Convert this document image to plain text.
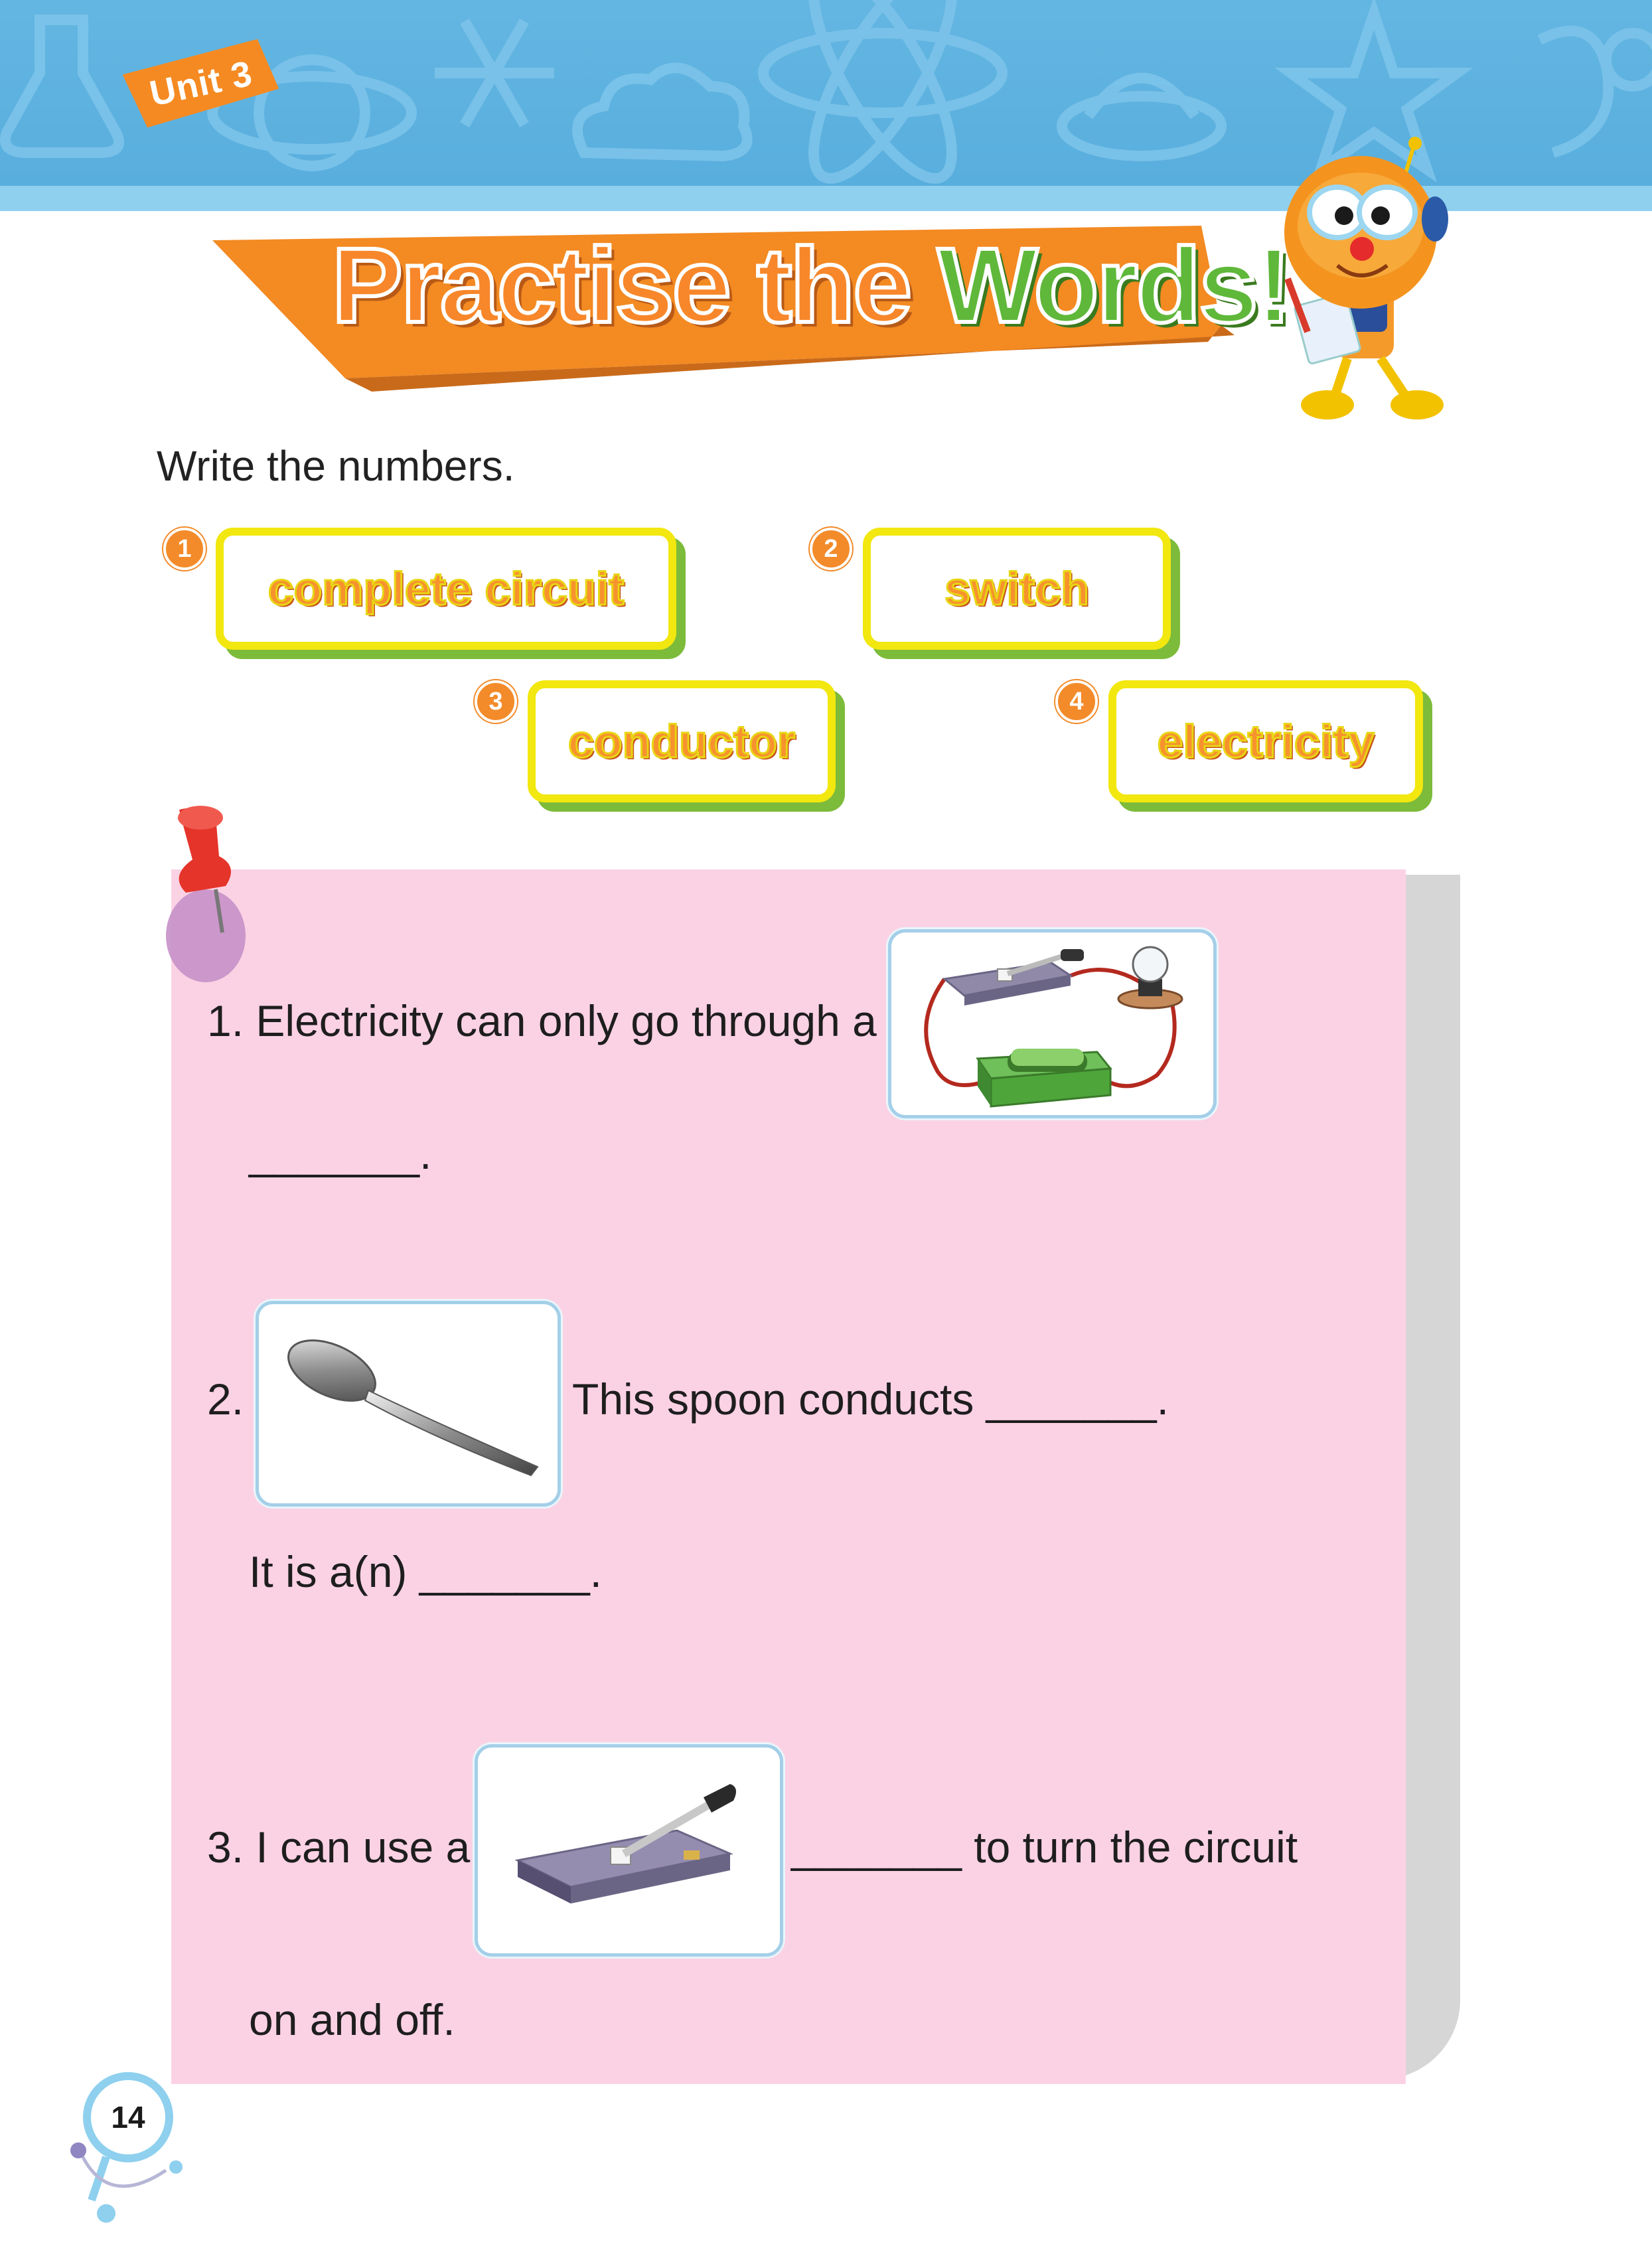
Unit 3
Practise the Words!
Write the numbers.
1
complete circuit
2
switch
3
conductor
4
electricity
1. Electricity can only go through a
_______.
2.	This spoon conducts _______.
It is a(n) _______.
3. I can use a	_______ to turn the circuit
on and off.
14
